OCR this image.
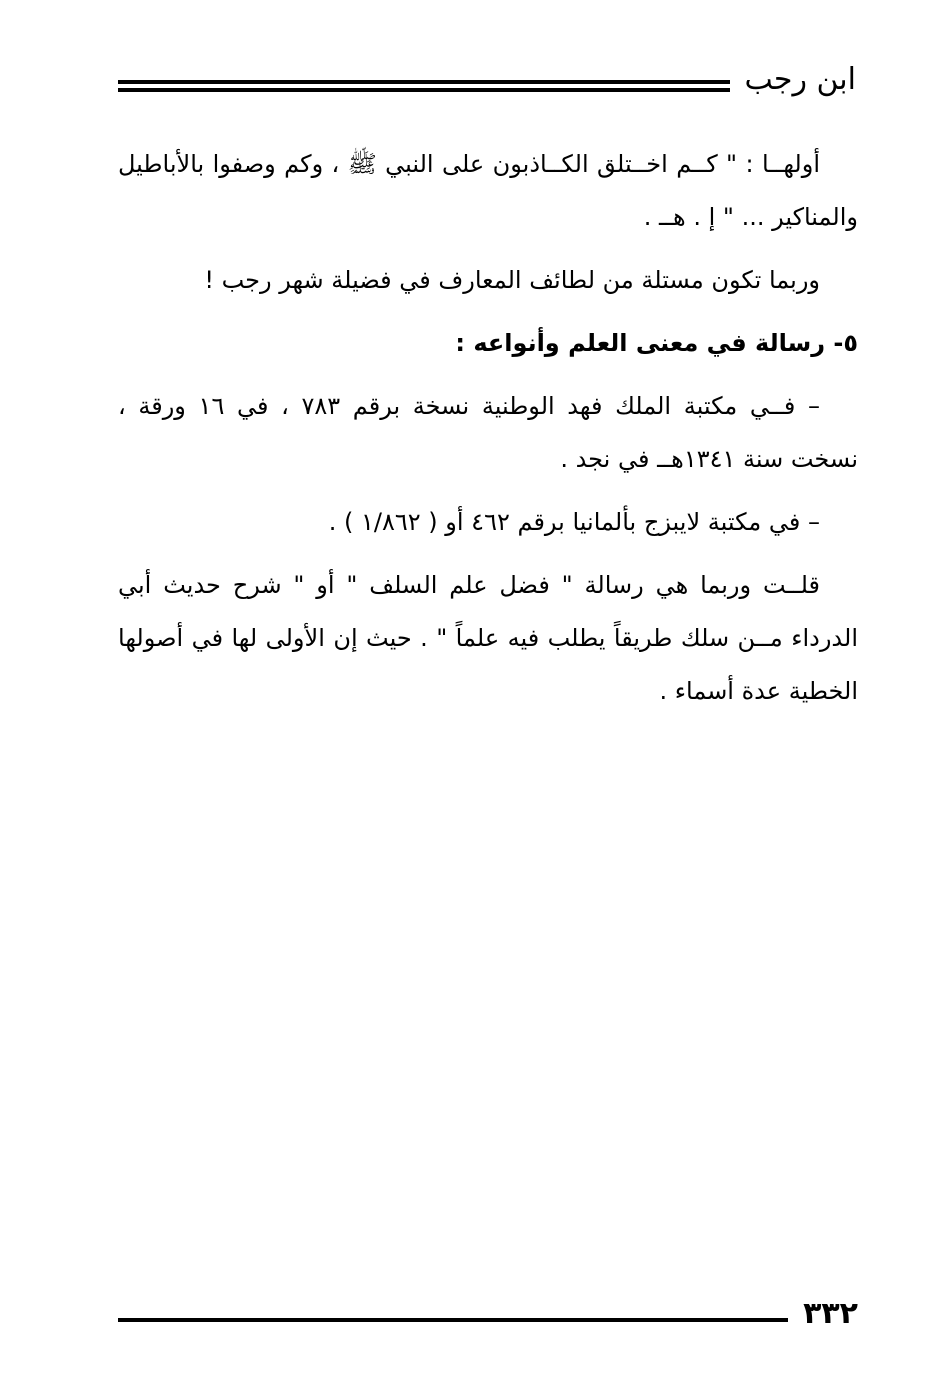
ابن رجب

أولهــا : " كــم اخــتلق الكــاذبون على النبي ﷺ ، وكم وصفوا بالأباطيل والمناكير ... " إ . هــ .

وربما تكون مستلة من لطائف المعارف في فضيلة شهر رجب !

٥- رسالة في معنى العلم وأنواعه :

– فــي مكتبة الملك فهد الوطنية نسخة برقم ٧٨٣ ، في ١٦ ورقة ، نسخت سنة ١٣٤١هــ في نجد .

– في مكتبة لايبزج بألمانيا برقم ٤٦٢ أو ( ١/٨٦٢ ) .

قلــت وربما هي رسالة " فضل علم السلف " أو " شرح حديث أبي الدرداء مــن سلك طريقاً يطلب فيه علماً " . حيث إن الأولى لها في أصولها الخطية عدة أسماء .

٣٣٢
